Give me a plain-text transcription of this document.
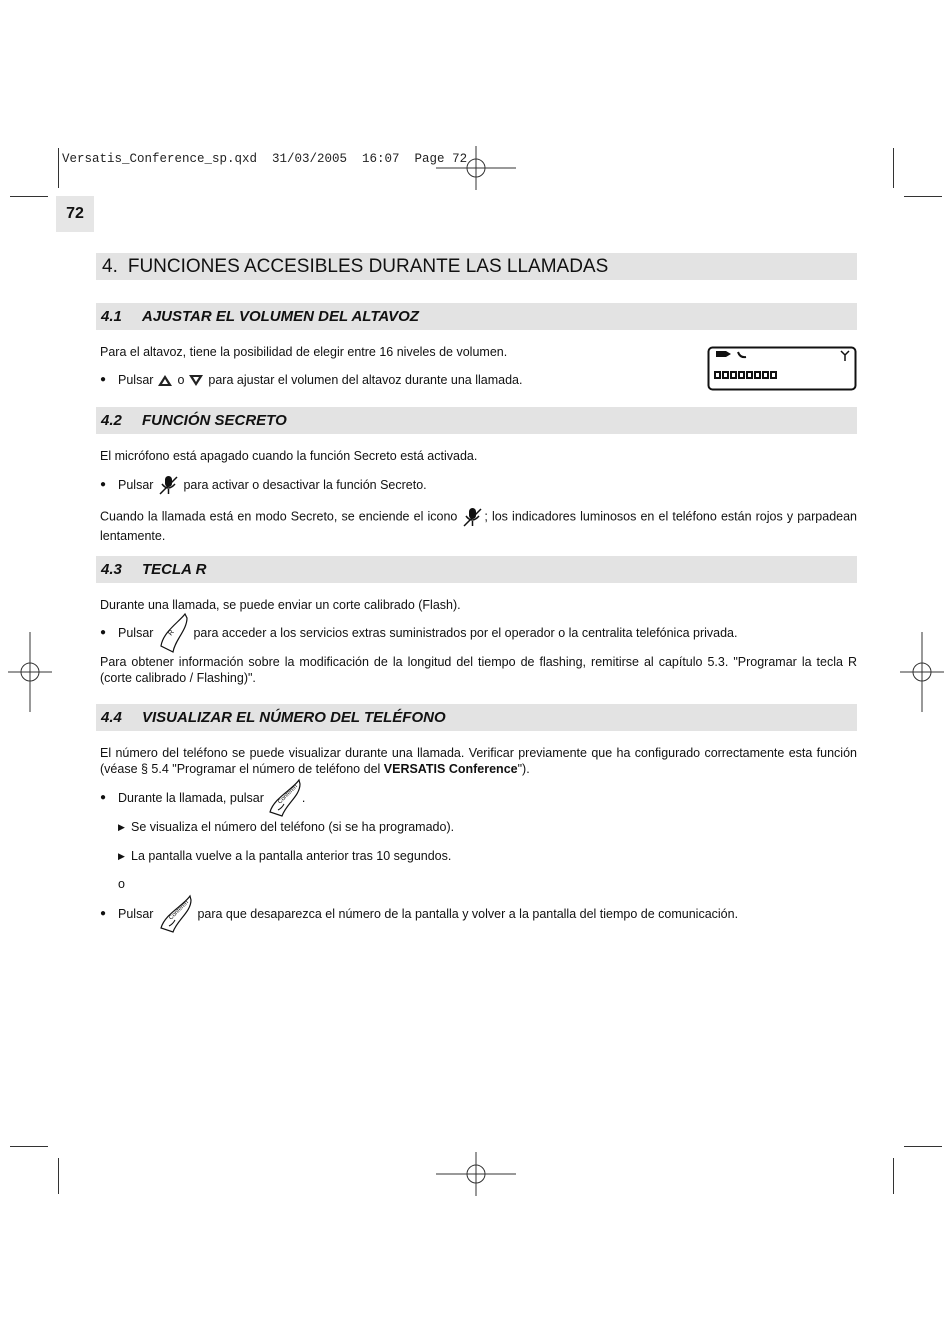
Versatis_Conference_sp.qxd  31/03/2005  16:07  Page 72
72
4. FUNCIONES ACCESIBLES DURANTE LAS LLAMADAS
4.1	AJUSTAR EL VOLUMEN DEL ALTAVOZ
Para el altavoz, tiene la posibilidad de elegir entre 16 niveles de volumen.
● Pulsar o para ajustar el volumen del altavoz durante una llamada.
4.2	FUNCIÓN SECRETO
El micrófono está apagado cuando la función Secreto está activada.
● Pulsar para activar o desactivar la función Secreto.
Cuando la llamada está en modo Secreto, se enciende el icono ; los indicadores luminosos en el teléfono están rojos y parpadean lentamente.
4.3	TECLA R
Durante una llamada, se puede enviar un corte calibrado (Flash).
● Pulsar R para acceder a los servicios extras suministrados por el operador o la centralita telefónica privada.
Para obtener información sobre la modificación de la longitud del tiempo de flashing, remitirse al capítulo 5.3. "Programar la tecla R (corte calibrado / Flashing)".
4.4	VISUALIZAR EL NÚMERO DEL TELÉFONO
El número del teléfono se puede visualizar durante una llamada. Verificar previamente que ha configurado correctamente esta función (véase § 5.4 "Programar el número de teléfono del VERSATIS Conference").
● Durante la llamada, pulsar Conferen .
▶ Se visualiza el número del teléfono (si se ha programado).
▶ La pantalla vuelve a la pantalla anterior tras 10 segundos.
o
● Pulsar	Conferen para que desaparezca el número de la pantalla y volver a la pantalla del tiempo de comunicación.
